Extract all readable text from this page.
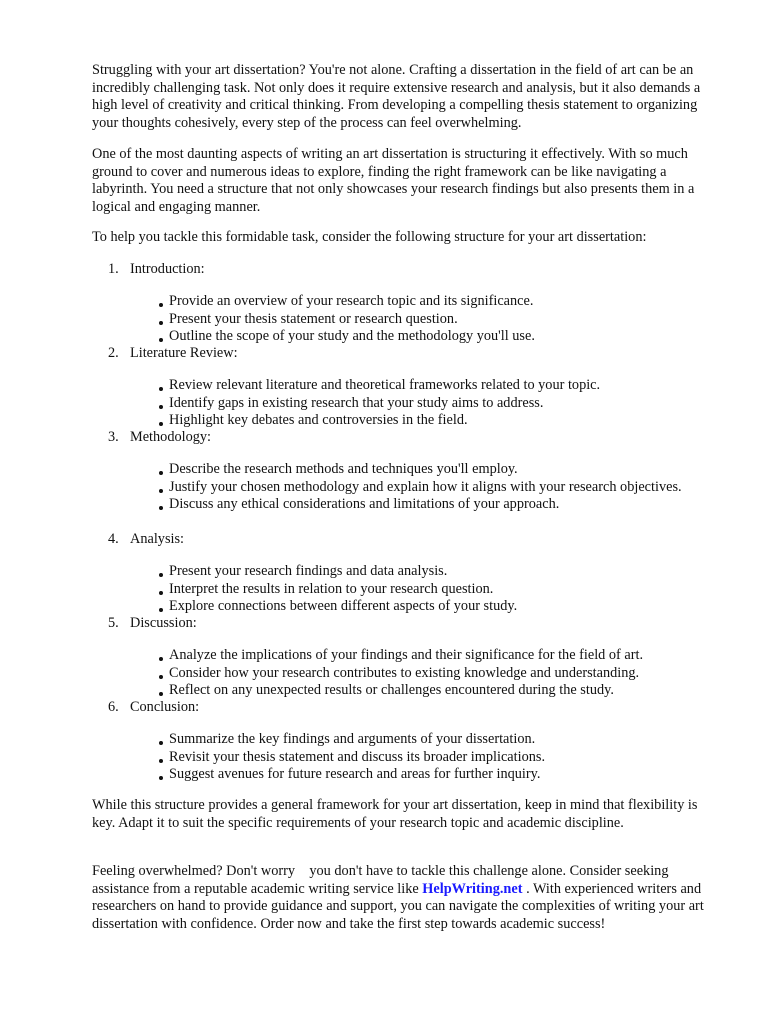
Struggling with your art dissertation? You're not alone. Crafting a dissertation in the field of art can be an incredibly challenging task. Not only does it require extensive research and analysis, but it also demands a high level of creativity and critical thinking. From developing a compelling thesis statement to organizing your thoughts cohesively, every step of the process can feel overwhelming.

One of the most daunting aspects of writing an art dissertation is structuring it effectively. With so much ground to cover and numerous ideas to explore, finding the right framework can be like navigating a labyrinth. You need a structure that not only showcases your research findings but also presents them in a logical and engaging manner.

To help you tackle this formidable task, consider the following structure for your art dissertation:

1. Introduction:

Provide an overview of your research topic and its significance.
Present your thesis statement or research question.
Outline the scope of your study and the methodology you'll use.

2. Literature Review:

Review relevant literature and theoretical frameworks related to your topic.
Identify gaps in existing research that your study aims to address.
Highlight key debates and controversies in the field.

3. Methodology:

Describe the research methods and techniques you'll employ.
Justify your chosen methodology and explain how it aligns with your research objectives.
Discuss any ethical considerations and limitations of your approach.

4. Analysis:

Present your research findings and data analysis.
Interpret the results in relation to your research question.
Explore connections between different aspects of your study.

5. Discussion:

Analyze the implications of your findings and their significance for the field of art.
Consider how your research contributes to existing knowledge and understanding.
Reflect on any unexpected results or challenges encountered during the study.

6. Conclusion:

Summarize the key findings and arguments of your dissertation.
Revisit your thesis statement and discuss its broader implications.
Suggest avenues for future research and areas for further inquiry.

While this structure provides a general framework for your art dissertation, keep in mind that flexibility is key. Adapt it to suit the specific requirements of your research topic and academic discipline.

Feeling overwhelmed? Don't worry    you don't have to tackle this challenge alone. Consider seeking assistance from a reputable academic writing service like HelpWriting.net . With experienced writers and researchers on hand to provide guidance and support, you can navigate the complexities of writing your art dissertation with confidence. Order now and take the first step towards academic success!
